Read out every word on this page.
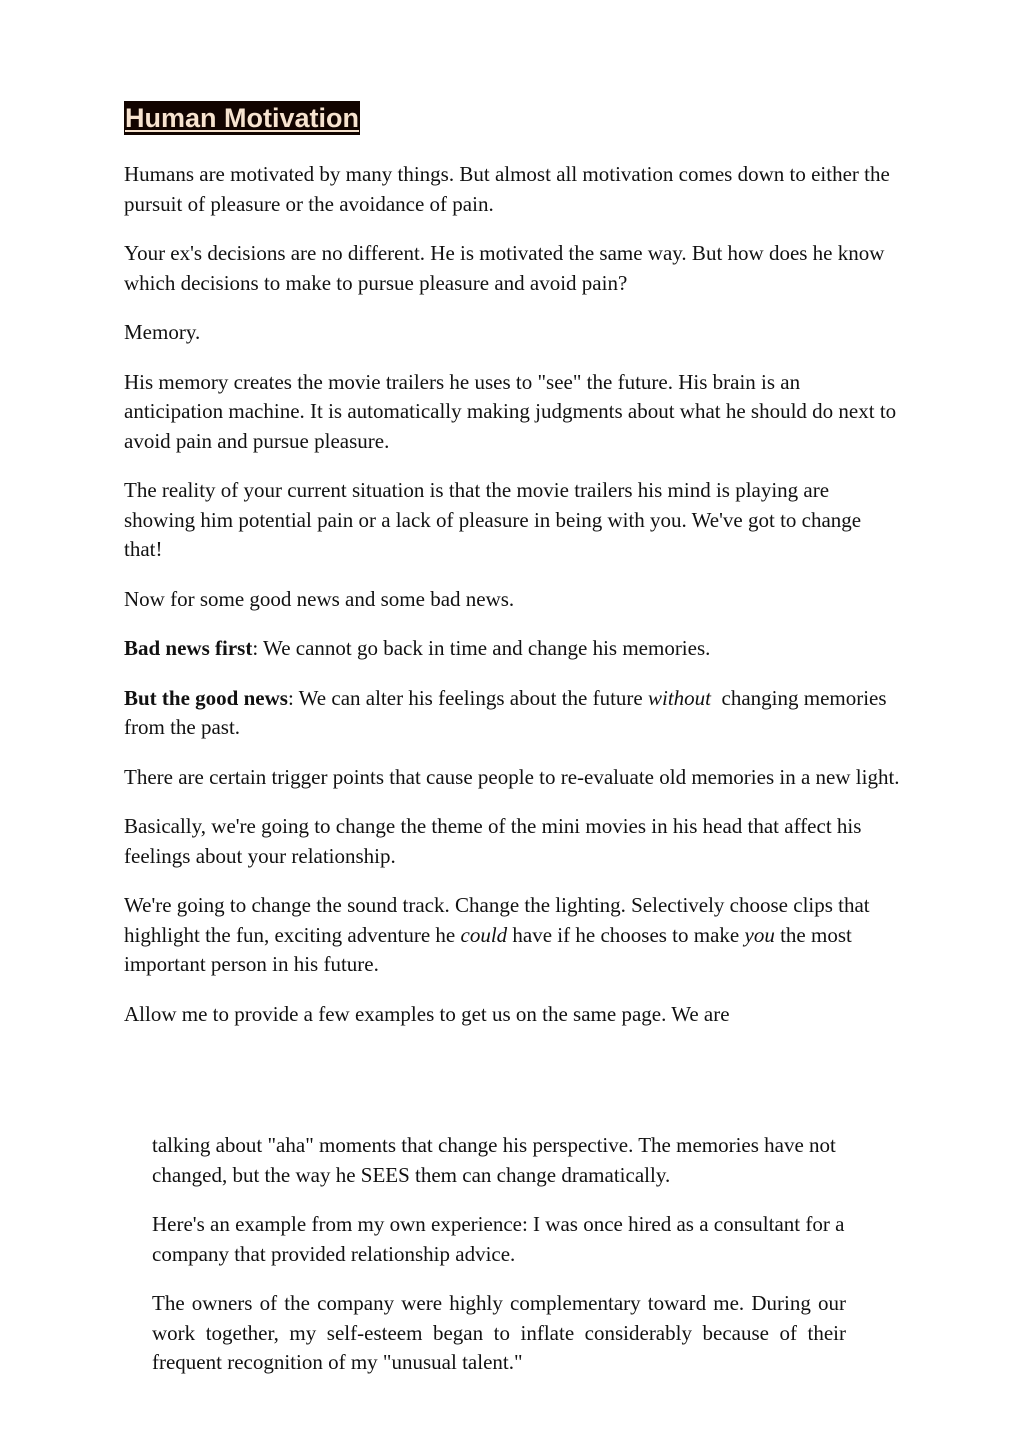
Human Motivation

Humans are motivated by many things. But almost all motivation comes down to either the pursuit of pleasure or the avoidance of pain.

Your ex's decisions are no different. He is motivated the same way. But how does he know which decisions to make to pursue pleasure and avoid pain?

Memory.

His memory creates the movie trailers he uses to "see" the future. His brain is an anticipation machine. It is automatically making judgments about what he should do next to avoid pain and pursue pleasure.

The reality of your current situation is that the movie trailers his mind is playing are showing him potential pain or a lack of pleasure in being with you. We've got to change that!

Now for some good news and some bad news.

Bad news first: We cannot go back in time and change his memories.

But the good news: We can alter his feelings about the future without  changing memories from the past.

There are certain trigger points that cause people to re-evaluate old memories in a new light.

Basically, we're going to change the theme of the mini movies in his head that affect his feelings about your relationship.

We're going to change the sound track. Change the lighting. Selectively choose clips that highlight the fun, exciting adventure he could have if he chooses to make you the most important person in his future.

Allow me to provide a few examples to get us on the same page. We are

talking about "aha" moments that change his perspective. The memories have not changed, but the way he SEES them can change dramatically.

Here's an example from my own experience: I was once hired as a consultant for a company that provided relationship advice.

The owners of the company were highly complementary toward me. During our work together, my self-esteem began to inflate considerably because of their frequent recognition of my "unusual talent."
